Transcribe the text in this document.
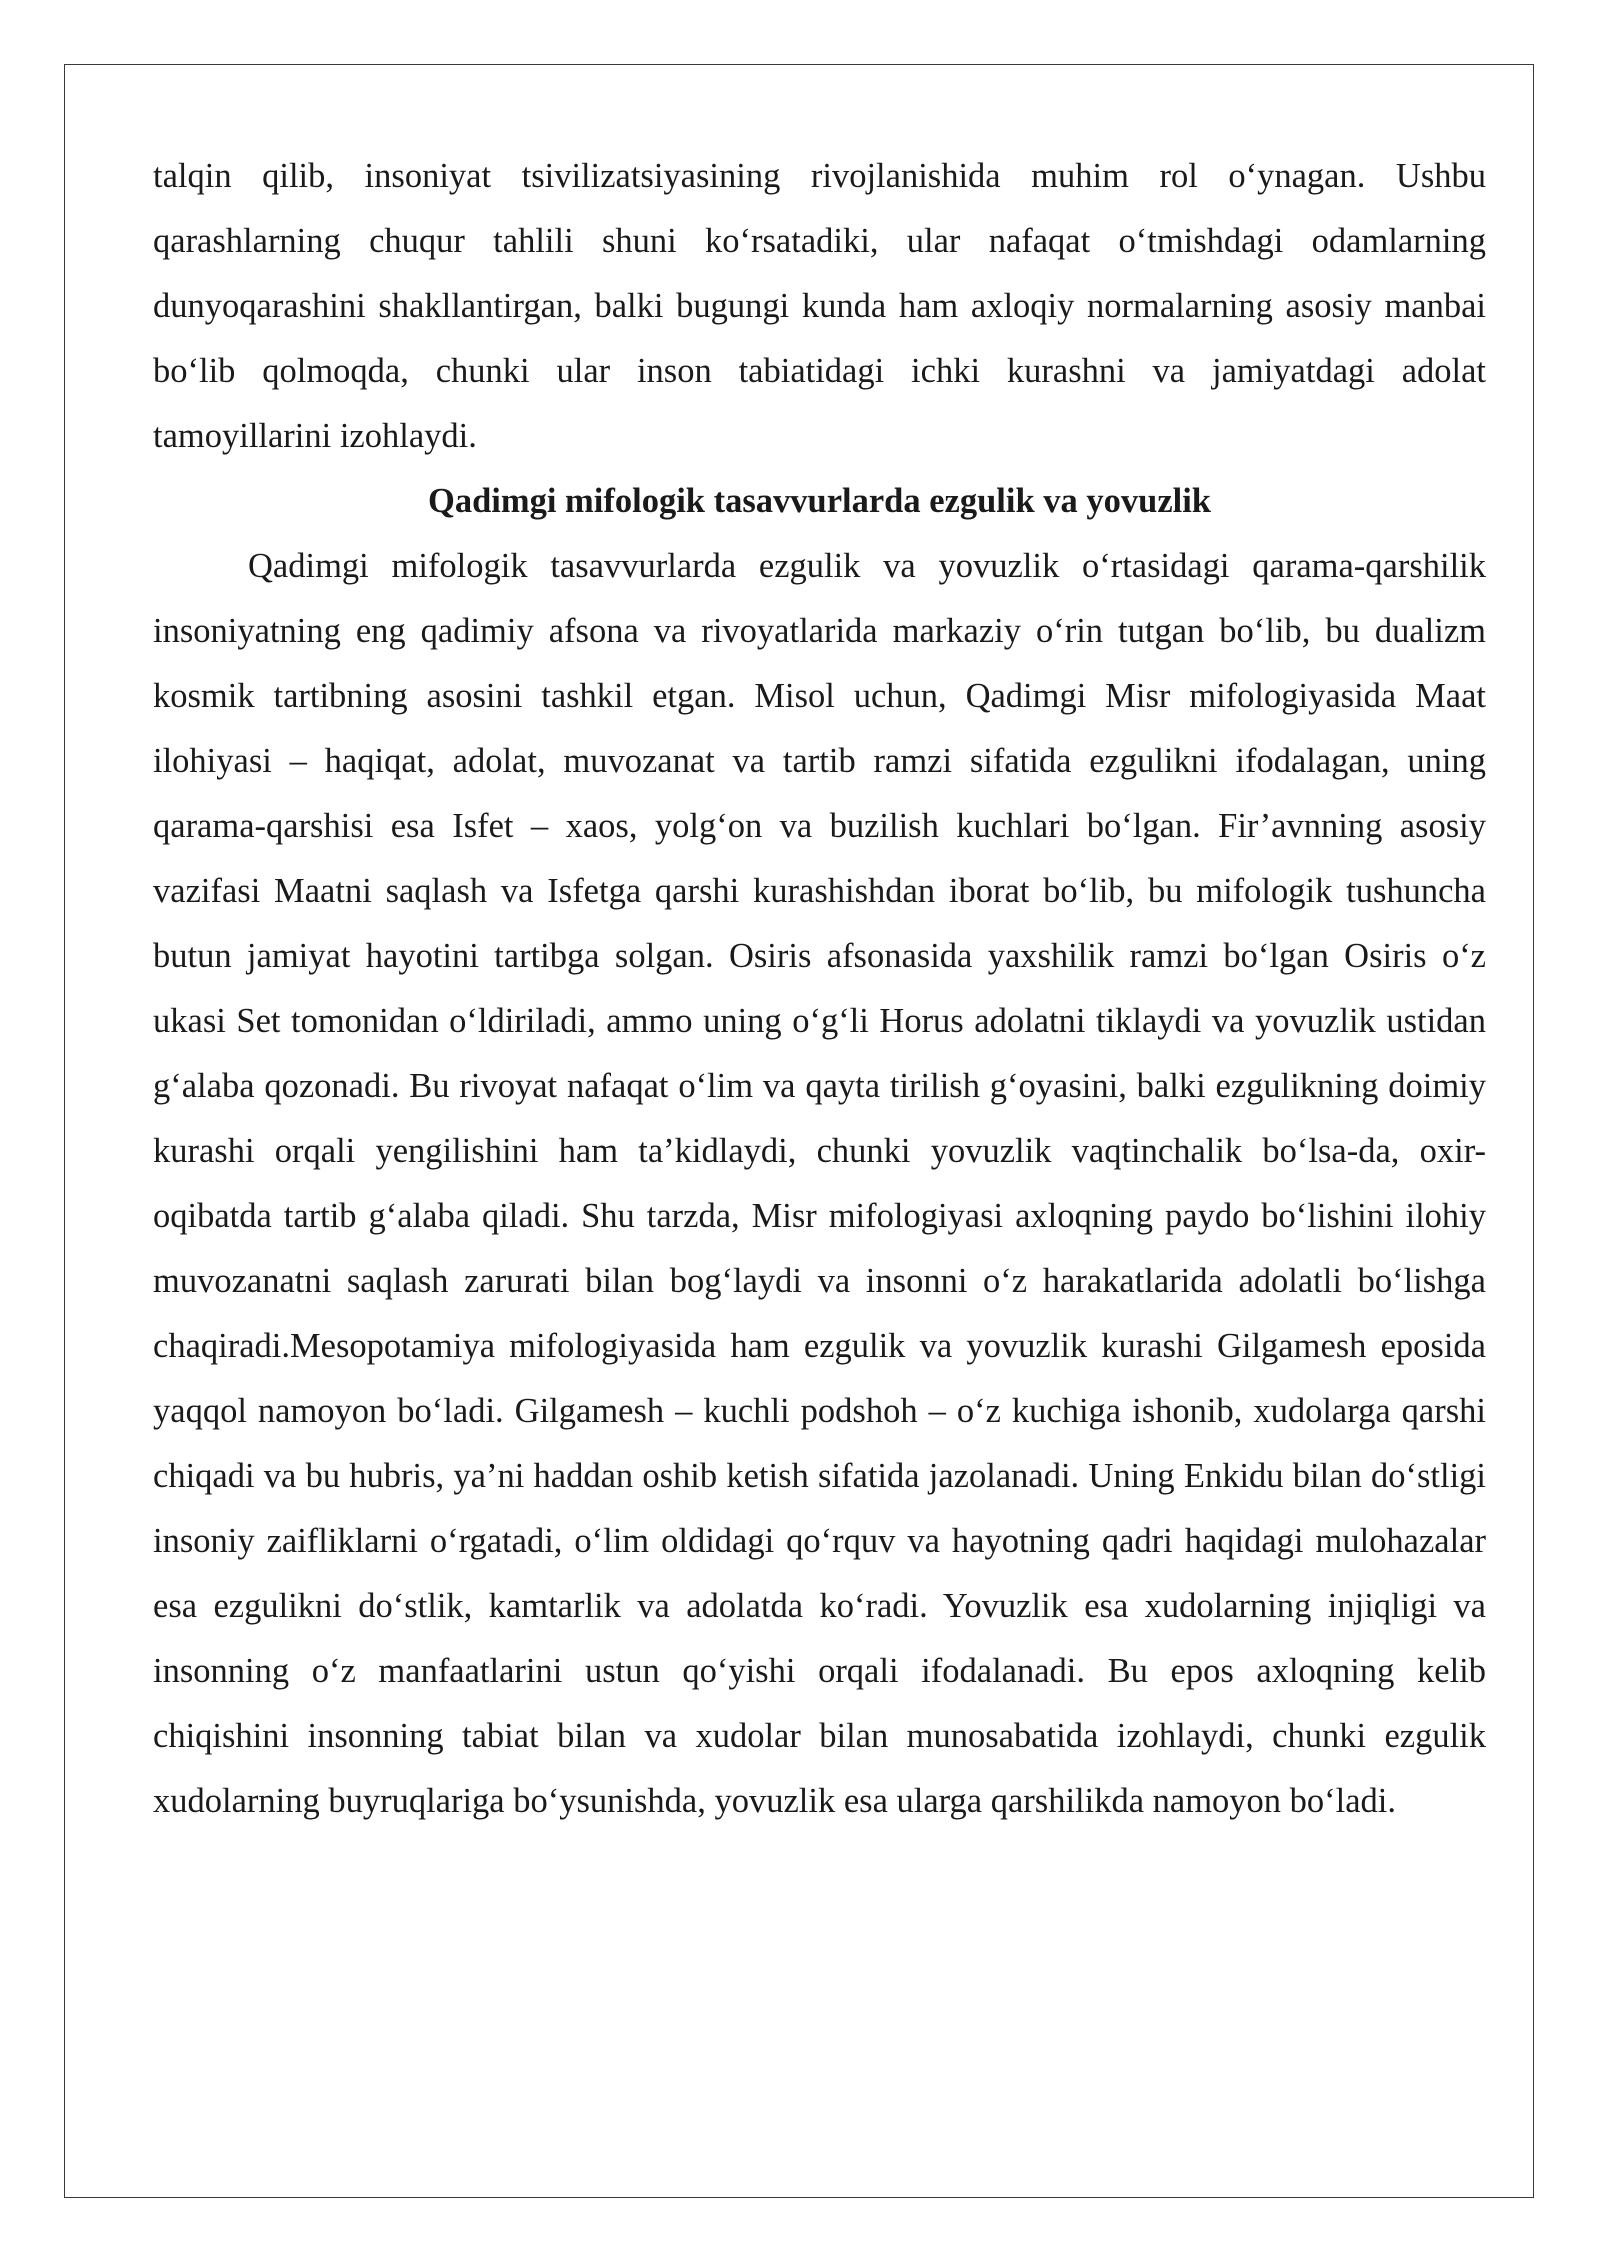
talqin qilib, insoniyat tsivilizatsiyasining rivojlanishida muhim rol o‘ynagan. Ushbu qarashlarning chuqur tahlili shuni ko‘rsatadiki, ular nafaqat o‘tmishdagi odamlarning dunyoqarashini shakllantirgan, balki bugungi kunda ham axloqiy normalarning asosiy manbai bo‘lib qolmoqda, chunki ular inson tabiatidagi ichki kurashni va jamiyatdagi adolat tamoyillarini izohlaydi.

Qadimgi mifologik tasavvurlarda ezgulik va yovuzlik

Qadimgi mifologik tasavvurlarda ezgulik va yovuzlik o‘rtasidagi qarama-qarshilik insoniyatning eng qadimiy afsona va rivoyatlarida markaziy o‘rin tutgan bo‘lib, bu dualizm kosmik tartibning asosini tashkil etgan. Misol uchun, Qadimgi Misr mifologiyasida Maat ilohiyasi – haqiqat, adolat, muvozanat va tartib ramzi sifatida ezgulikni ifodalagan, uning qarama-qarshisi esa Isfet – xaos, yolg‘on va buzilish kuchlari bo‘lgan. Fir’avnning asosiy vazifasi Maatni saqlash va Isfetga qarshi kurashishdan iborat bo‘lib, bu mifologik tushuncha butun jamiyat hayotini tartibga solgan. Osiris afsonasida yaxshilik ramzi bo‘lgan Osiris o‘z ukasi Set tomonidan o‘ldiriladi, ammo uning o‘g‘li Horus adolatni tiklaydi va yovuzlik ustidan g‘alaba qozonadi. Bu rivoyat nafaqat o‘lim va qayta tirilish g‘oyasini, balki ezgulikning doimiy kurashi orqali yengilishini ham ta’kidlaydi, chunki yovuzlik vaqtinchalik bo‘lsa-da, oxir-oqibatda tartib g‘alaba qiladi. Shu tarzda, Misr mifologiyasi axloqning paydo bo‘lishini ilohiy muvozanatni saqlash zarurati bilan bog‘laydi va insonni o‘z harakatlarida adolatli bo‘lishga chaqiradi.Mesopotamiya mifologiyasida ham ezgulik va yovuzlik kurashi Gilgamesh eposida yaqqol namoyon bo‘ladi. Gilgamesh – kuchli podshoh – o‘z kuchiga ishonib, xudolarga qarshi chiqadi va bu hubris, ya’ni haddan oshib ketish sifatida jazolanadi. Uning Enkidu bilan do‘stligi insoniy zaifliklarni o‘rgatadi, o‘lim oldidagi qo‘rquv va hayotning qadri haqidagi mulohazalar esa ezgulikni do‘stlik, kamtarlik va adolatda ko‘radi. Yovuzlik esa xudolarning injiqligi va insonning o‘z manfaatlarini ustun qo‘yishi orqali ifodalanadi. Bu epos axloqning kelib chiqishini insonning tabiat bilan va xudolar bilan munosabatida izohlaydi, chunki ezgulik xudolarning buyruqlariga bo‘ysunishda, yovuzlik esa ularga qarshilikda namoyon bo‘ladi.
